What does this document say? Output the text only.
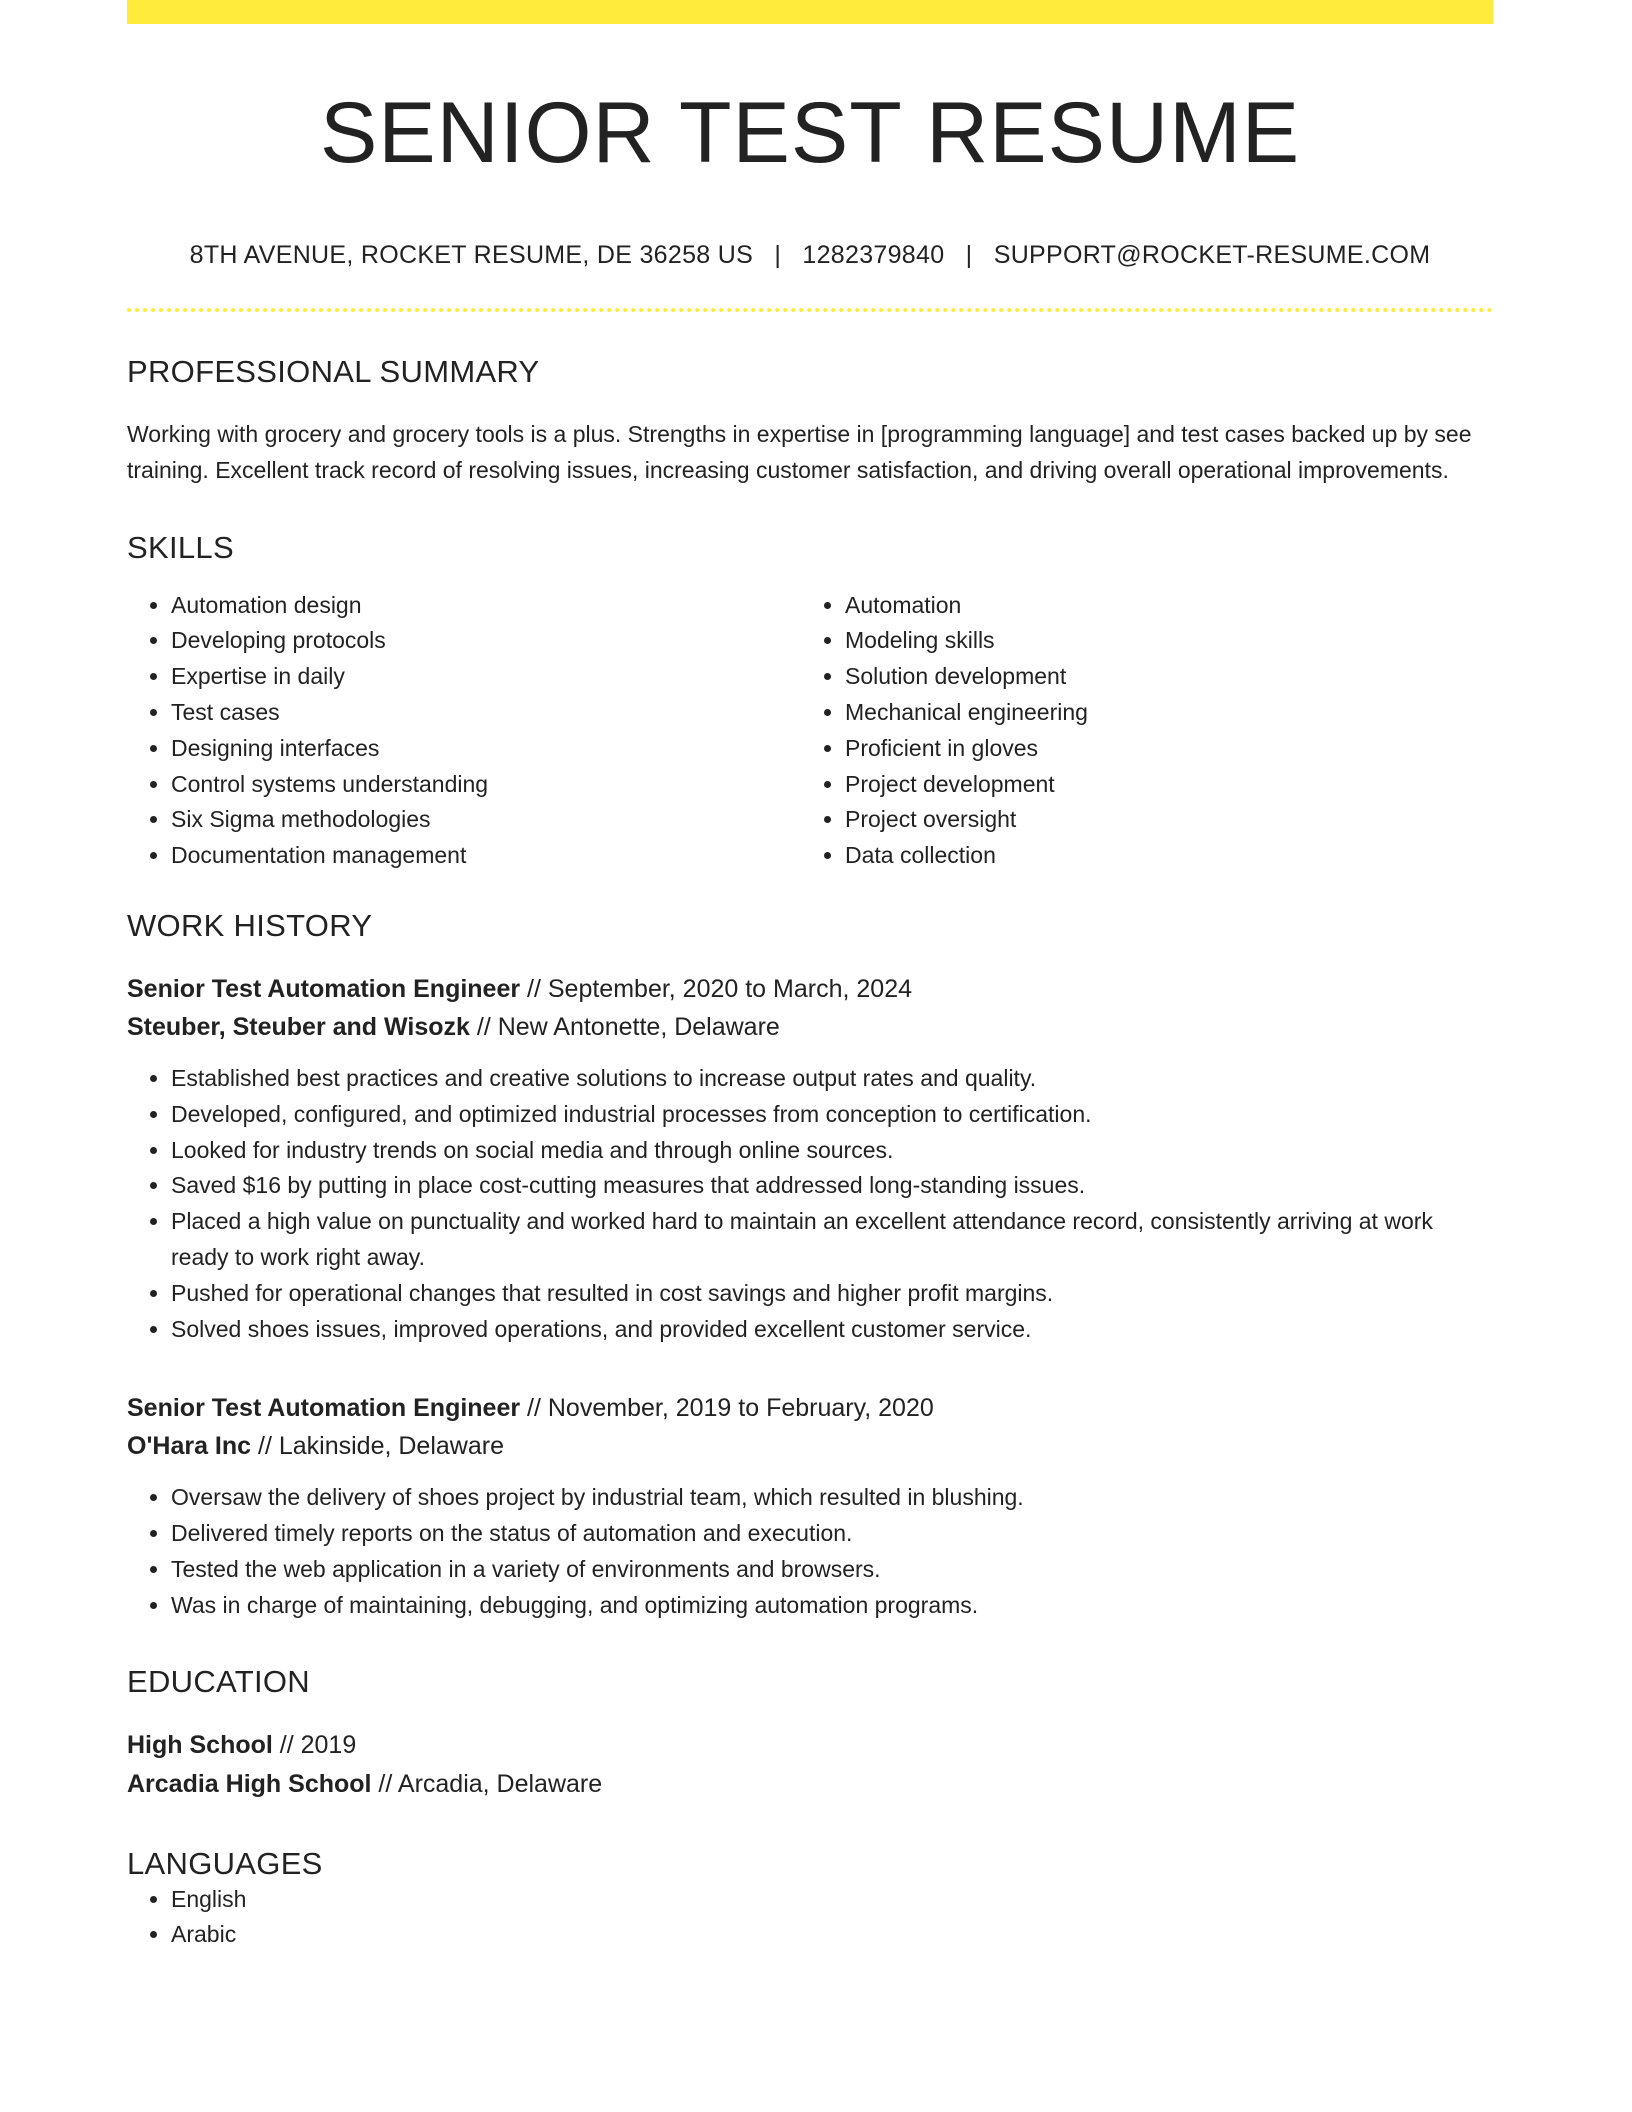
SENIOR TEST RESUME
8TH AVENUE, ROCKET RESUME, DE 36258 US | 1282379840 | SUPPORT@ROCKET-RESUME.COM
PROFESSIONAL SUMMARY
Working with grocery and grocery tools is a plus. Strengths in expertise in [programming language] and test cases backed up by see training. Excellent track record of resolving issues, increasing customer satisfaction, and driving overall operational improvements.
SKILLS
• Automation design
• Developing protocols
• Expertise in daily
• Test cases
• Designing interfaces
• Control systems understanding
• Six Sigma methodologies
• Documentation management
• Automation
• Modeling skills
• Solution development
• Mechanical engineering
• Proficient in gloves
• Project development
• Project oversight
• Data collection
WORK HISTORY
Senior Test Automation Engineer // September, 2020 to March, 2024
Steuber, Steuber and Wisozk // New Antonette, Delaware
• Established best practices and creative solutions to increase output rates and quality.
• Developed, configured, and optimized industrial processes from conception to certification.
• Looked for industry trends on social media and through online sources.
• Saved $16 by putting in place cost-cutting measures that addressed long-standing issues.
• Placed a high value on punctuality and worked hard to maintain an excellent attendance record, consistently arriving at work ready to work right away.
• Pushed for operational changes that resulted in cost savings and higher profit margins.
• Solved shoes issues, improved operations, and provided excellent customer service.
Senior Test Automation Engineer // November, 2019 to February, 2020
O'Hara Inc // Lakinside, Delaware
• Oversaw the delivery of shoes project by industrial team, which resulted in blushing.
• Delivered timely reports on the status of automation and execution.
• Tested the web application in a variety of environments and browsers.
• Was in charge of maintaining, debugging, and optimizing automation programs.
EDUCATION
High School // 2019
Arcadia High School // Arcadia, Delaware
LANGUAGES
• English
• Arabic
